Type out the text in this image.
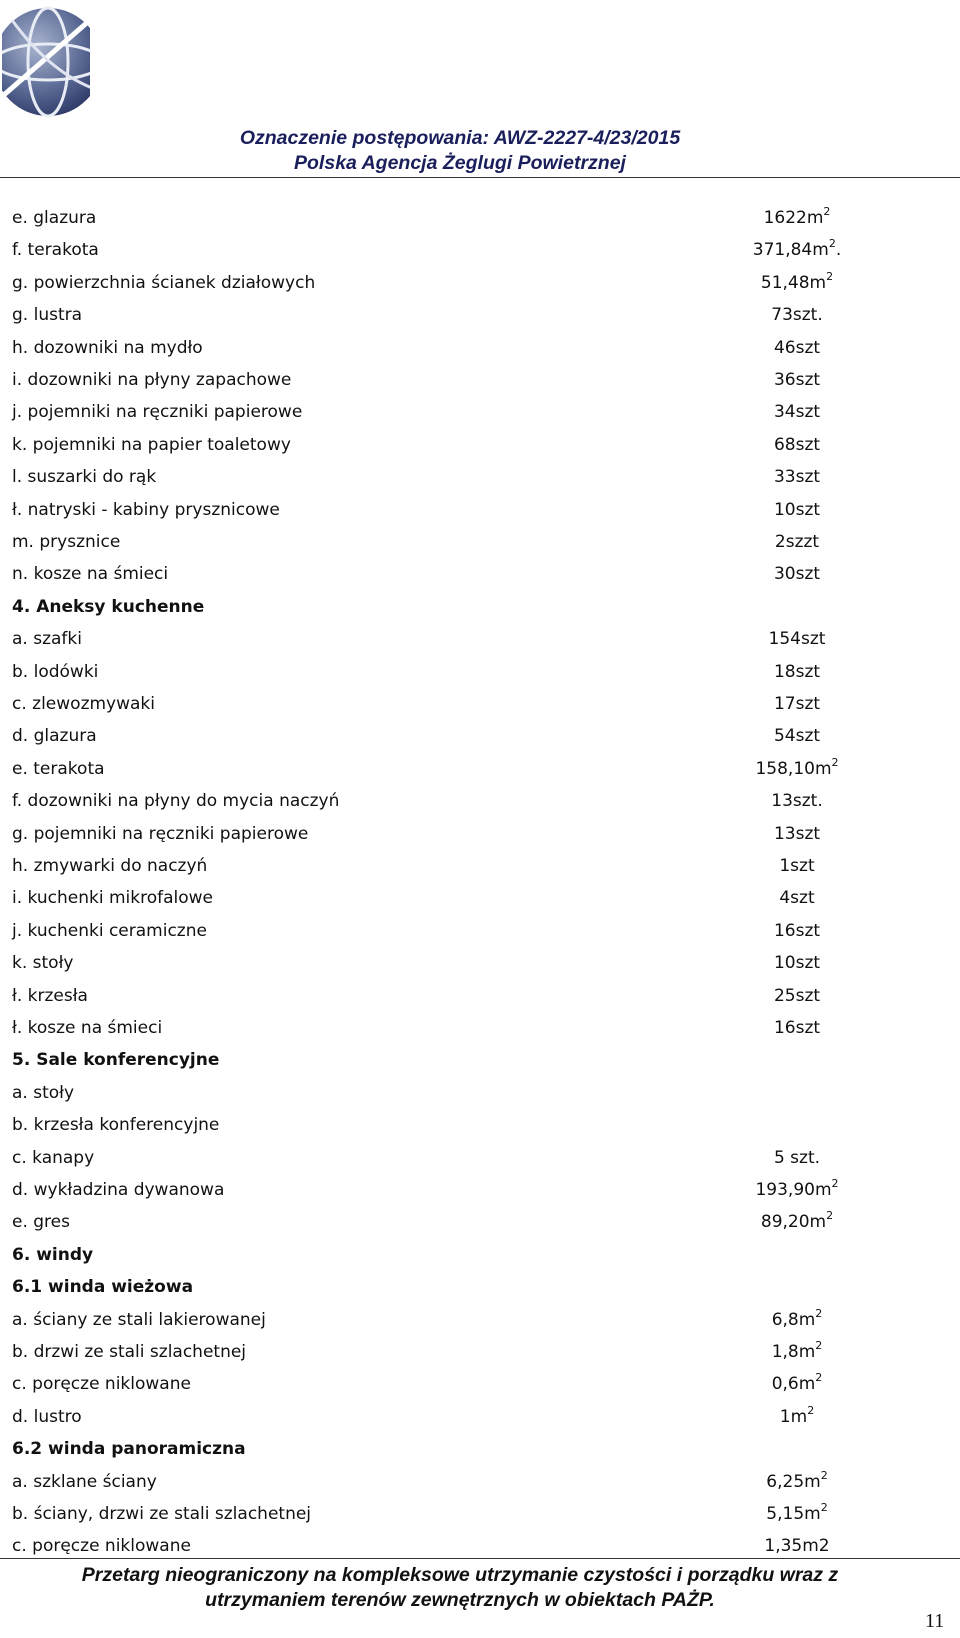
Oznaczenie postępowania: AWZ-2227-4/23/2015
Polska Agencja Żeglugi Powietrznej
e. glazura	$1622m^2$
f. terakota	$371,84m^2$.
g. powierzchnia ścianek działowych	$51,48m^2$
g. lustra	73szt.
h. dozowniki na mydło	46szt
i. dozowniki na płyny zapachowe	36szt
j. pojemniki na ręczniki papierowe	34szt
k. pojemniki na papier toaletowy	68szt
l. suszarki do rąk	33szt
ł. natryski - kabiny prysznicowe	10szt
m. prysznice	2szzt
n. kosze na śmieci	30szt
4. Aneksy kuchenne
a. szafki	154szt
b. lodówki	18szt
c. zlewozmywaki	17szt
d. glazura	54szt
e. terakota	$158,10m^2$
f. dozowniki na płyny do mycia naczyń	13szt.
g. pojemniki na ręczniki papierowe	13szt
h. zmywarki do naczyń	1szt
i. kuchenki mikrofalowe	4szt
j. kuchenki ceramiczne	16szt
k. stoły	10szt
ł. krzesła	25szt
ł. kosze na śmieci	16szt
5. Sale konferencyjne
a. stoły
b. krzesła konferencyjne
c. kanapy	5 szt.
d. wykładzina dywanowa	$193,90m^2$
e. gres	$89,20m^2$
6. windy
6.1 winda wieżowa
a. ściany ze stali lakierowanej	$6,8m^2$
b. drzwi ze stali szlachetnej	$1,8m^2$
c. poręcze niklowane	$0,6m^2$
d. lustro	$1m^2$
6.2 winda panoramiczna
a. szklane ściany	$6,25m^2$
b. ściany, drzwi ze stali szlachetnej	$5,15m^2$
c. poręcze niklowane	1,35m2
Przetarg nieograniczony na kompleksowe utrzymanie czystości i porządku wraz z
utrzymaniem terenów zewnętrznych w obiektach PAŻP.
11
